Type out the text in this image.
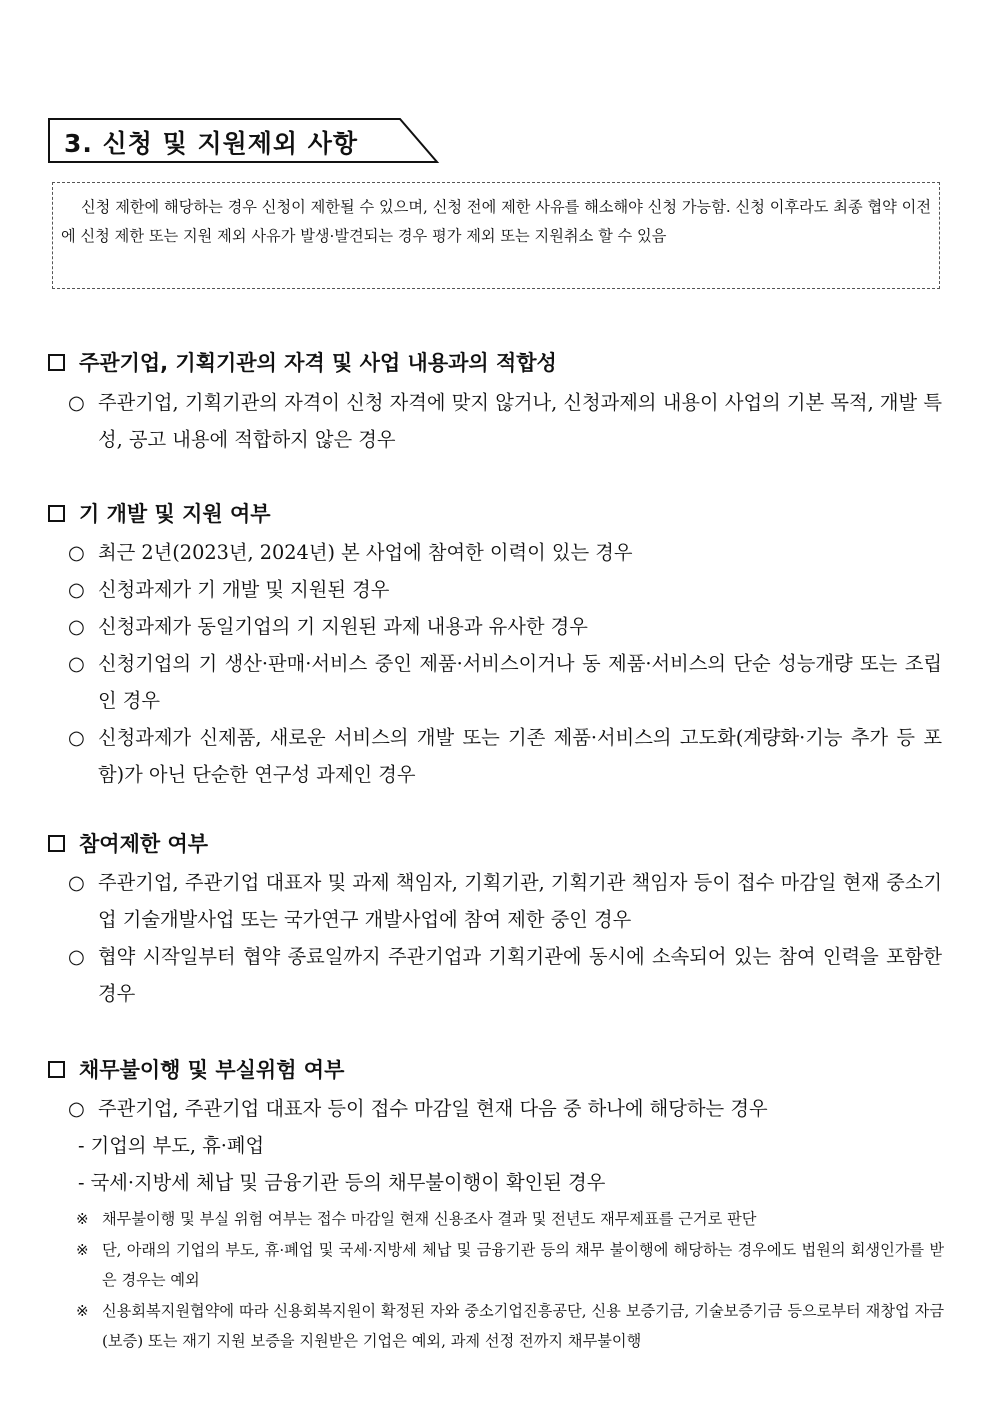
3. 신청 및 지원제외 사항

신청 제한에 해당하는 경우 신청이 제한될 수 있으며, 신청 전에 제한 사유를 해소해야 신청 가능함. 신청 이후라도 최종 협약 이전에 신청 제한 또는 지원 제외 사유가 발생·발견되는 경우 평가 제외 또는 지원취소 할 수 있음

주관기업, 기획기관의 자격 및 사업 내용과의 적합성
○ 주관기업, 기획기관의 자격이 신청 자격에 맞지 않거나, 신청과제의 내용이 사업의 기본 목적, 개발 특성, 공고 내용에 적합하지 않은 경우
기 개발 및 지원 여부
○ 최근 2년(2023년, 2024년) 본 사업에 참여한 이력이 있는 경우
○ 신청과제가 기 개발 및 지원된 경우
○ 신청과제가 동일기업의 기 지원된 과제 내용과 유사한 경우
○ 신청기업의 기 생산·판매·서비스 중인 제품·서비스이거나 동 제품·서비스의 단순 성능개량 또는 조립인 경우
○ 신청과제가 신제품, 새로운 서비스의 개발 또는 기존 제품·서비스의 고도화(계량화·기능 추가 등 포함)가 아닌 단순한 연구성 과제인 경우
참여제한 여부
○ 주관기업, 주관기업 대표자 및 과제 책임자, 기획기관, 기획기관 책임자 등이 접수 마감일 현재 중소기업 기술개발사업 또는 국가연구 개발사업에 참여 제한 중인 경우
○ 협약 시작일부터 협약 종료일까지 주관기업과 기획기관에 동시에 소속되어 있는 참여 인력을 포함한 경우
채무불이행 및 부실위험 여부
○ 주관기업, 주관기업 대표자 등이 접수 마감일 현재 다음 중 하나에 해당하는 경우
- 기업의 부도, 휴·폐업
- 국세·지방세 체납 및 금융기관 등의 채무불이행이 확인된 경우
※ 채무불이행 및 부실 위험 여부는 접수 마감일 현재 신용조사 결과 및 전년도 재무제표를 근거로 판단
※ 단, 아래의 기업의 부도, 휴·폐업 및 국세·지방세 체납 및 금융기관 등의 채무 불이행에 해당하는 경우에도 법원의 회생인가를 받은 경우는 예외
※ 신용회복지원협약에 따라 신용회복지원이 확정된 자와 중소기업진흥공단, 신용 보증기금, 기술보증기금 등으로부터 재창업 자금(보증) 또는 재기 지원 보증을 지원받은 기업은 예외, 과제 선정 전까지 채무불이행
